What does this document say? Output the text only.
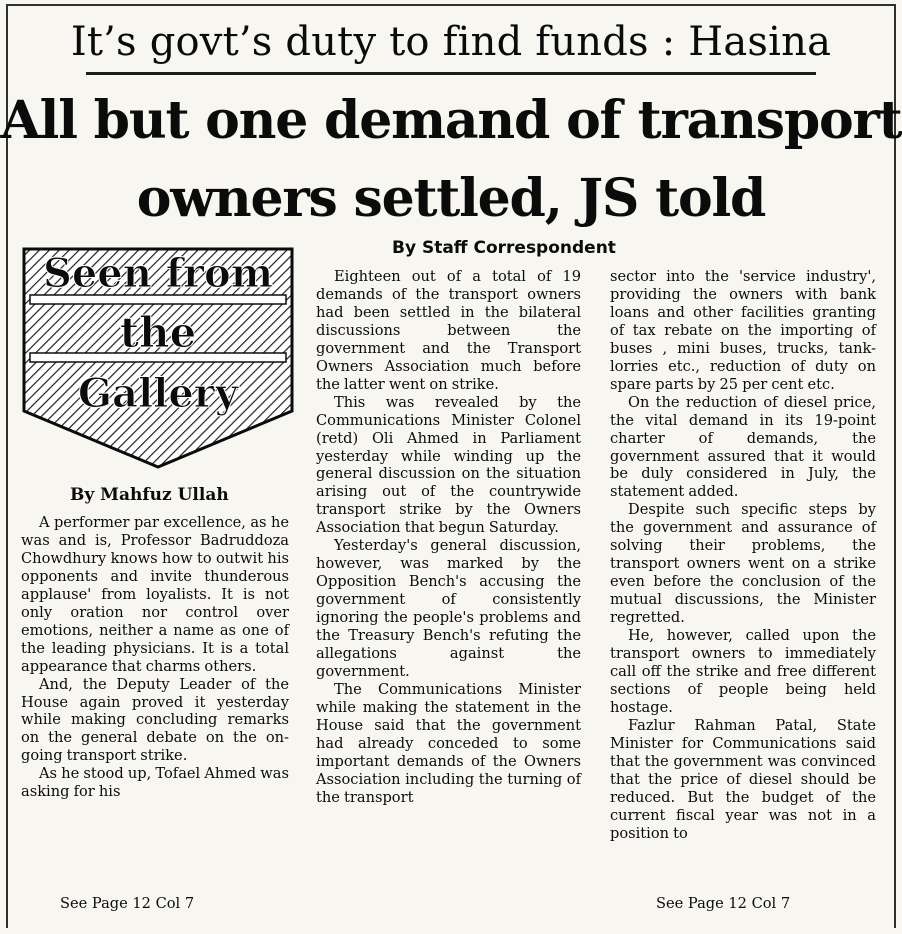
It’s govt’s duty to find funds : Hasina
All but one demand of transport
owners settled, JS told
By Staff Correspondent
Seen from
the
Gallery
By Mahfuz Ullah

A performer par excellence, as he was and is, Professor Badruddoza Chowdhury knows how to outwit his opponents and invite thunderous applause' from loyalists. It is not only oration nor control over emotions, neither a name as one of the leading physicians. It is a total appearance that charms others.

And, the Deputy Leader of the House again proved it yesterday while making concluding remarks on the general debate on the on-going transport strike.

As he stood up, Tofael Ahmed was asking for his

See Page 12 Col 7

Eighteen out of a total of 19 demands of the transport owners had been settled in the bilateral discussions between the government and the Transport Owners Association much before the latter went on strike.

This was revealed by the Communications Minister Colonel (retd) Oli Ahmed in Parliament yesterday while winding up the general discussion on the situation arising out of the countrywide transport strike by the Owners Association that begun Saturday.

Yesterday's general discussion, however, was marked by the Opposition Bench's accusing the government of consistently ignoring the people's problems and the Treasury Bench's refuting the allegations against the government.

The Communications Minister while making the statement in the House said that the government had already conceded to some important demands of the Owners Association including the turning of the transport

sector into the 'service industry', providing the owners with bank loans and other facilities granting of tax rebate on the importing of buses , mini buses, trucks, tank-lorries etc., reduction of duty on spare parts by 25 per cent etc.

On the reduction of diesel price, the vital demand in its 19-point charter of demands, the government assured that it would be duly considered in July, the statement added.

Despite such specific steps by the government and assurance of solving their problems, the transport owners went on a strike even before the conclusion of the mutual discussions, the Minister regretted.

He, however, called upon the transport owners to immediately call off the strike and free different sections of people being held hostage.

Fazlur Rahman Patal, State Minister for Communications said that the government was convinced that the price of diesel should be reduced. But the budget of the current fiscal year was not in a position to

See Page 12 Col 7
